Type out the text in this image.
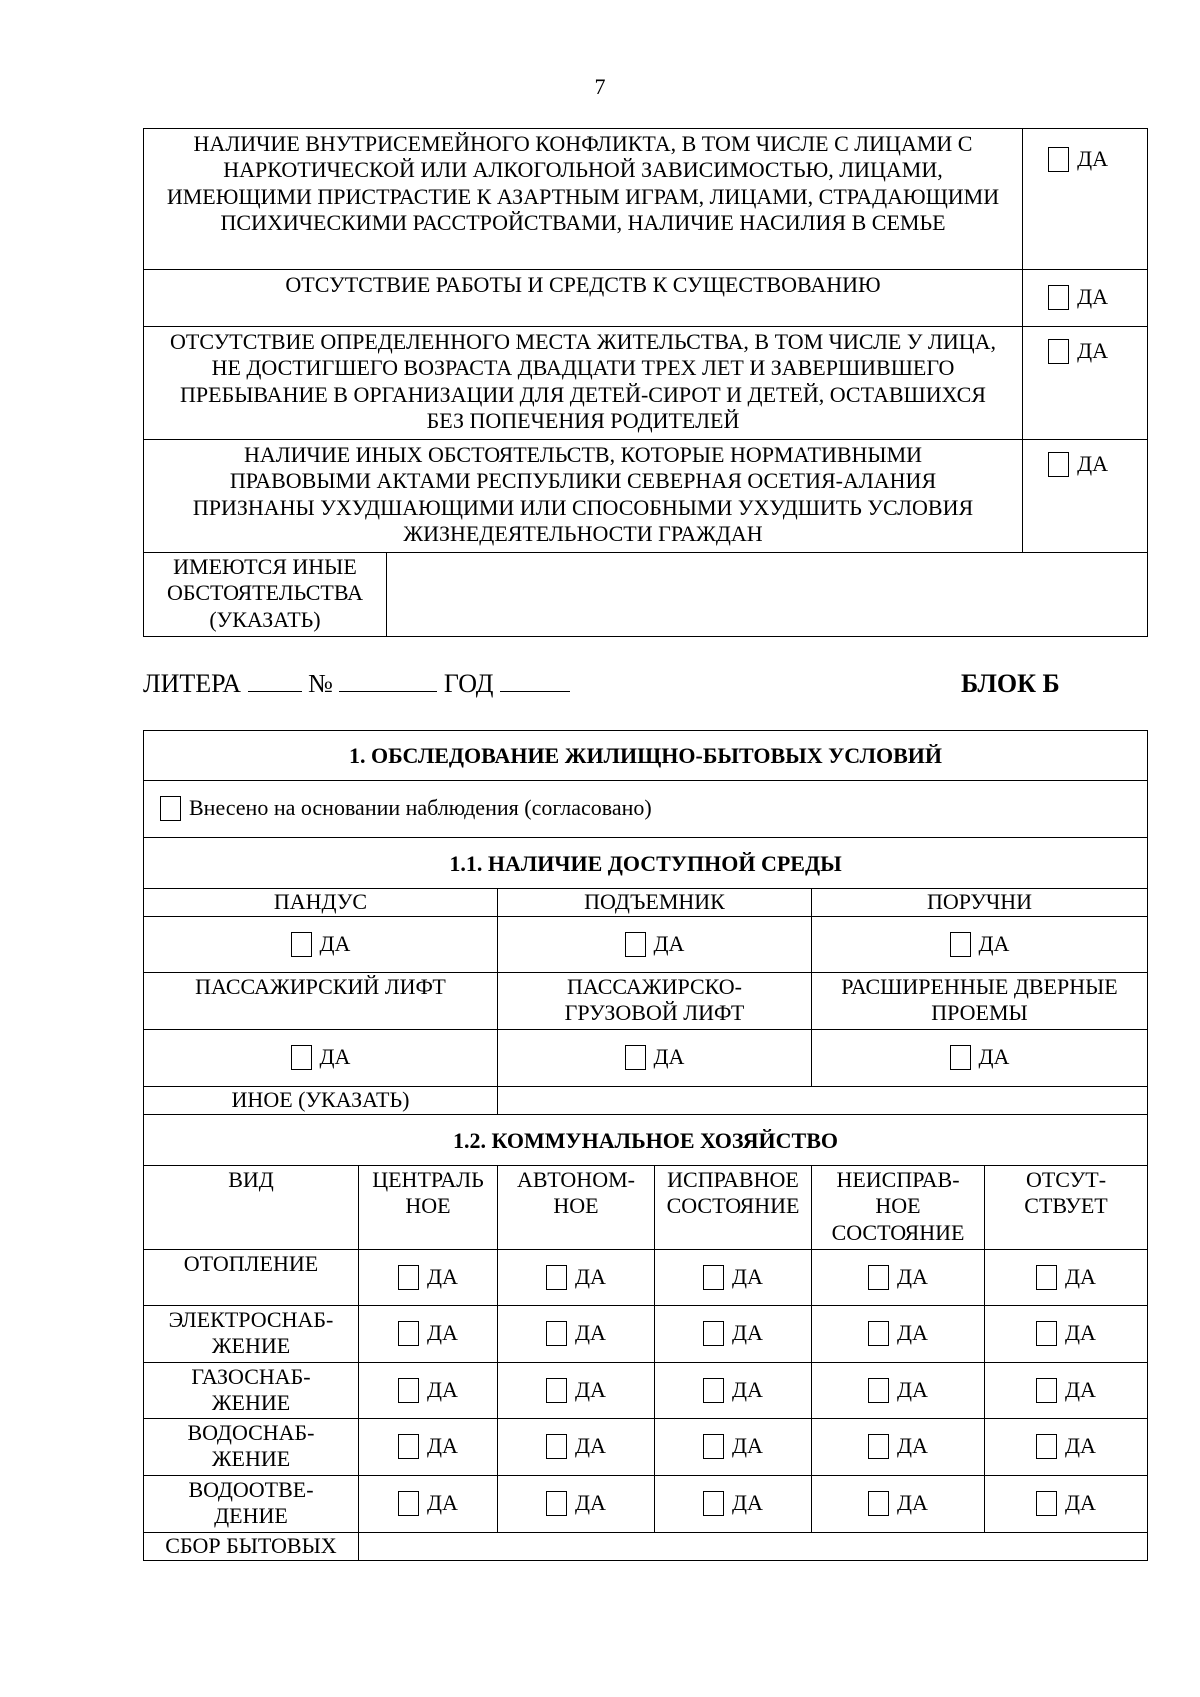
7
НАЛИЧИЕ ВНУТРИСЕМЕЙНОГО КОНФЛИКТА, В ТОМ ЧИСЛЕ С ЛИЦАМИ С НАРКОТИЧЕСКОЙ ИЛИ АЛКОГОЛЬНОЙ ЗАВИСИМОСТЬЮ, ЛИЦАМИ, ИМЕЮЩИМИ ПРИСТРАСТИЕ К АЗАРТНЫМ ИГРАМ, ЛИЦАМИ, СТРАДАЮЩИМИ ПСИХИЧЕСКИМИ РАССТРОЙСТВАМИ, НАЛИЧИЕ НАСИЛИЯ В СЕМЬЕ		ДА

ОТСУТСТВИЕ РАБОТЫ И СРЕДСТВ К СУЩЕСТВОВАНИЮ		ДА

ОТСУТСТВИЕ ОПРЕДЕЛЕННОГО МЕСТА ЖИТЕЛЬСТВА, В ТОМ ЧИСЛЕ У ЛИЦА, НЕ ДОСТИГШЕГО ВОЗРАСТА ДВАДЦАТИ ТРЕХ ЛЕТ И ЗАВЕРШИВШЕГО ПРЕБЫВАНИЕ В ОРГАНИЗАЦИИ ДЛЯ ДЕТЕЙ-СИРОТ И ДЕТЕЙ, ОСТАВШИХСЯ БЕЗ ПОПЕЧЕНИЯ РОДИТЕЛЕЙ		ДА

НАЛИЧИЕ ИНЫХ ОБСТОЯТЕЛЬСТВ, КОТОРЫЕ НОРМАТИВНЫМИ ПРАВОВЫМИ АКТАМИ РЕСПУБЛИКИ СЕВЕРНАЯ ОСЕТИЯ-АЛАНИЯ ПРИЗНАНЫ УХУДШАЮЩИМИ ИЛИ СПОСОБНЫМИ УХУДШИТЬ УСЛОВИЯ ЖИЗНЕДЕЯТЕЛЬНОСТИ ГРАЖДАН		ДА

ИМЕЮТСЯ ИНЫЕ ОБСТОЯТЕЛЬСТВА (УКАЗАТЬ)		

ЛИТЕРА	№	ГОД	БЛОК Б
1. ОБСЛЕДОВАНИЕ ЖИЛИЩНО-БЫТОВЫХ УСЛОВИЙ					

Внесено на основании наблюдения (согласовано)					

1.1. НАЛИЧИЕ ДОСТУПНОЙ СРЕДЫ					

ПАНДУС		ПОДЪЕМНИК		ПОРУЧНИ	

ДА		ДА		ДА	

ПАССАЖИРСКИЙ ЛИФТ		ПАССАЖИРСКО-ГРУЗОВОЙ ЛИФТ		РАСШИРЕННЫЕ ДВЕРНЫЕ ПРОЕМЫ	

ДА		ДА		ДА	

ИНОЕ (УКАЗАТЬ)					

1.2. КОММУНАЛЬНОЕ ХОЗЯЙСТВО					

ВИД	ЦЕНТРАЛЬ НОЕ	АВТОНОМ-НОЕ	ИСПРАВНОЕ СОСТОЯНИЕ	НЕИСПРАВ-НОЕ СОСТОЯНИЕ	ОТСУТ-СТВУЕТ

ОТОПЛЕНИЕ	ДА	ДА	ДА	ДА	ДА

ЭЛЕКТРОСНАБ-ЖЕНИЕ	ДА	ДА	ДА	ДА	ДА

ГАЗОСНАБ-ЖЕНИЕ	ДА	ДА	ДА	ДА	ДА

ВОДОСНАБ-ЖЕНИЕ	ДА	ДА	ДА	ДА	ДА

ВОДООТВЕ-ДЕНИЕ	ДА	ДА	ДА	ДА	ДА

СБОР БЫТОВЫХ					
